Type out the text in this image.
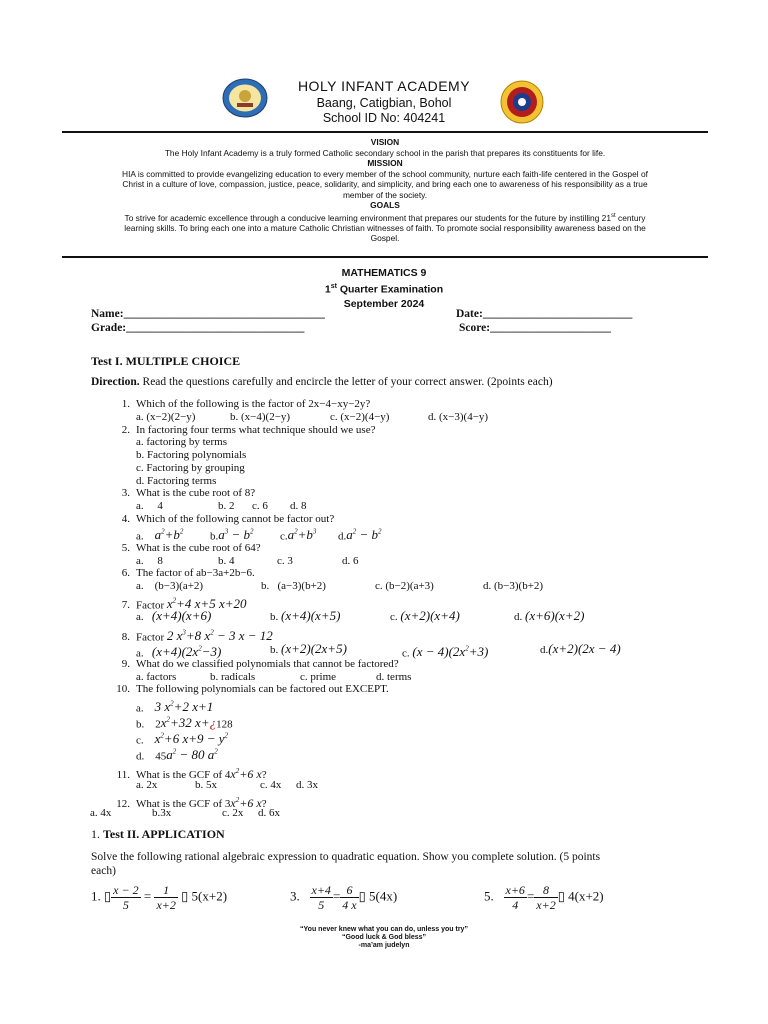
HOLY INFANT ACADEMY
Baang, Catigbian, Bohol
School ID No: 404241
VISION
The Holy Infant Academy is a truly formed Catholic secondary school in the parish that prepares its constituents for life.
MISSION
HIA is committed to provide evangelizing education to every member of the school community, nurture each faith-life centered in the Gospel of
Christ in a culture of love, compassion, justice, peace, solidarity, and simplicity, and bring each one to awareness of his responsibility as a true
member of the society.
GOALS
To strive for academic excellence through a conducive learning environment that prepares our students for the future by instilling 21st century
learning skills. To bring each one into a mature Catholic Christian witnesses of faith. To promote social responsibility awareness based on the
Gospel.
MATHEMATICS 9
1st Quarter Examination
September 2024
Name:___________________________________	Date:__________________________
Grade:_______________________________	Score:_____________________
Test I. MULTIPLE CHOICE
Direction. Read the questions carefully and encircle the letter of your correct answer. (2points each)
1. Which of the following is the factor of 2x−4−xy−2y?
a. (x−2)(2−y)	b. (x−4)(2−y)	c. (x−2)(4−y)	d. (x−3)(4−y)
2. In factoring four terms what technique should we use?
a. factoring by terms
b. Factoring polynomials
c. Factoring by grouping
d. Factoring terms
3. What is the cube root of 8?
a.     4	b. 2 c. 6 d. 8
4. Which of the following cannot be factor out?
a.    $a^2+b^2$ $b.a^3 - b^2$ $c.a^2+b^3$ $d.a^2 - b^2$
5. What is the cube root of 64?
a.     8	b. 4	c. 3	d. 6
6. The factor of ab−3a+2b−6.
a.    (b−3)(a+2)	b.   (a−3)(b+2)	c. (b−2)(a+3)	d. (b−3)(b+2)
7. Factor $x^2+4$ x+5 x+20
a.   (x+4)(x+6)	b. (x+4)(x+5)	c. (x+2)(x+4)	d. (x+6)(x+2)
8. Factor 2 $x^3+8$ $x^2 - 3$ x − 12
a.   $(x+4)(2x^2-3)$	b. (x+2)(2x+5)	c. $(x - 4)(2x^2+3)$	d.(x+2)(2x − 4)
9. What do we classified polynomials that cannot be factored?
a. factors	b. radicals	c. prime	d. terms
10. The following polynomials can be factored out EXCEPT.
a.    3 $x^2+2$ x+1
b.    $2x^2+32$ x+¿128
c.    $x^2+6$ $x+9 - y^2$
d.    $45a^2 - 80$ $a^2$
11. What is the GCF of $4x^2+6$ x?
a. 2x	b. 5x	c. 4x d. 3x
12. What is the GCF of $3x^2+6$ x?
a. 4x	b.3x	c. 2x d. 6x
1. Test II. APPLICATION
Solve the following rational algebraic expression to quadratic equation. Show you complete solution. (5 points
each)
1. ▯ $\frac{x - 2}{5} = \frac{1}{x+2}$ ▯ 5(x+2)	3. $\frac{x+4}{5} = \frac{6}{4 x}$ ▯ 5(4x)	5. $\frac{x+6}{4} = \frac{8}{x+2}$ ▯ 4(x+2)
“You never knew what you can do, unless you try”
“Good luck & God bless”
-ma’am judelyn
